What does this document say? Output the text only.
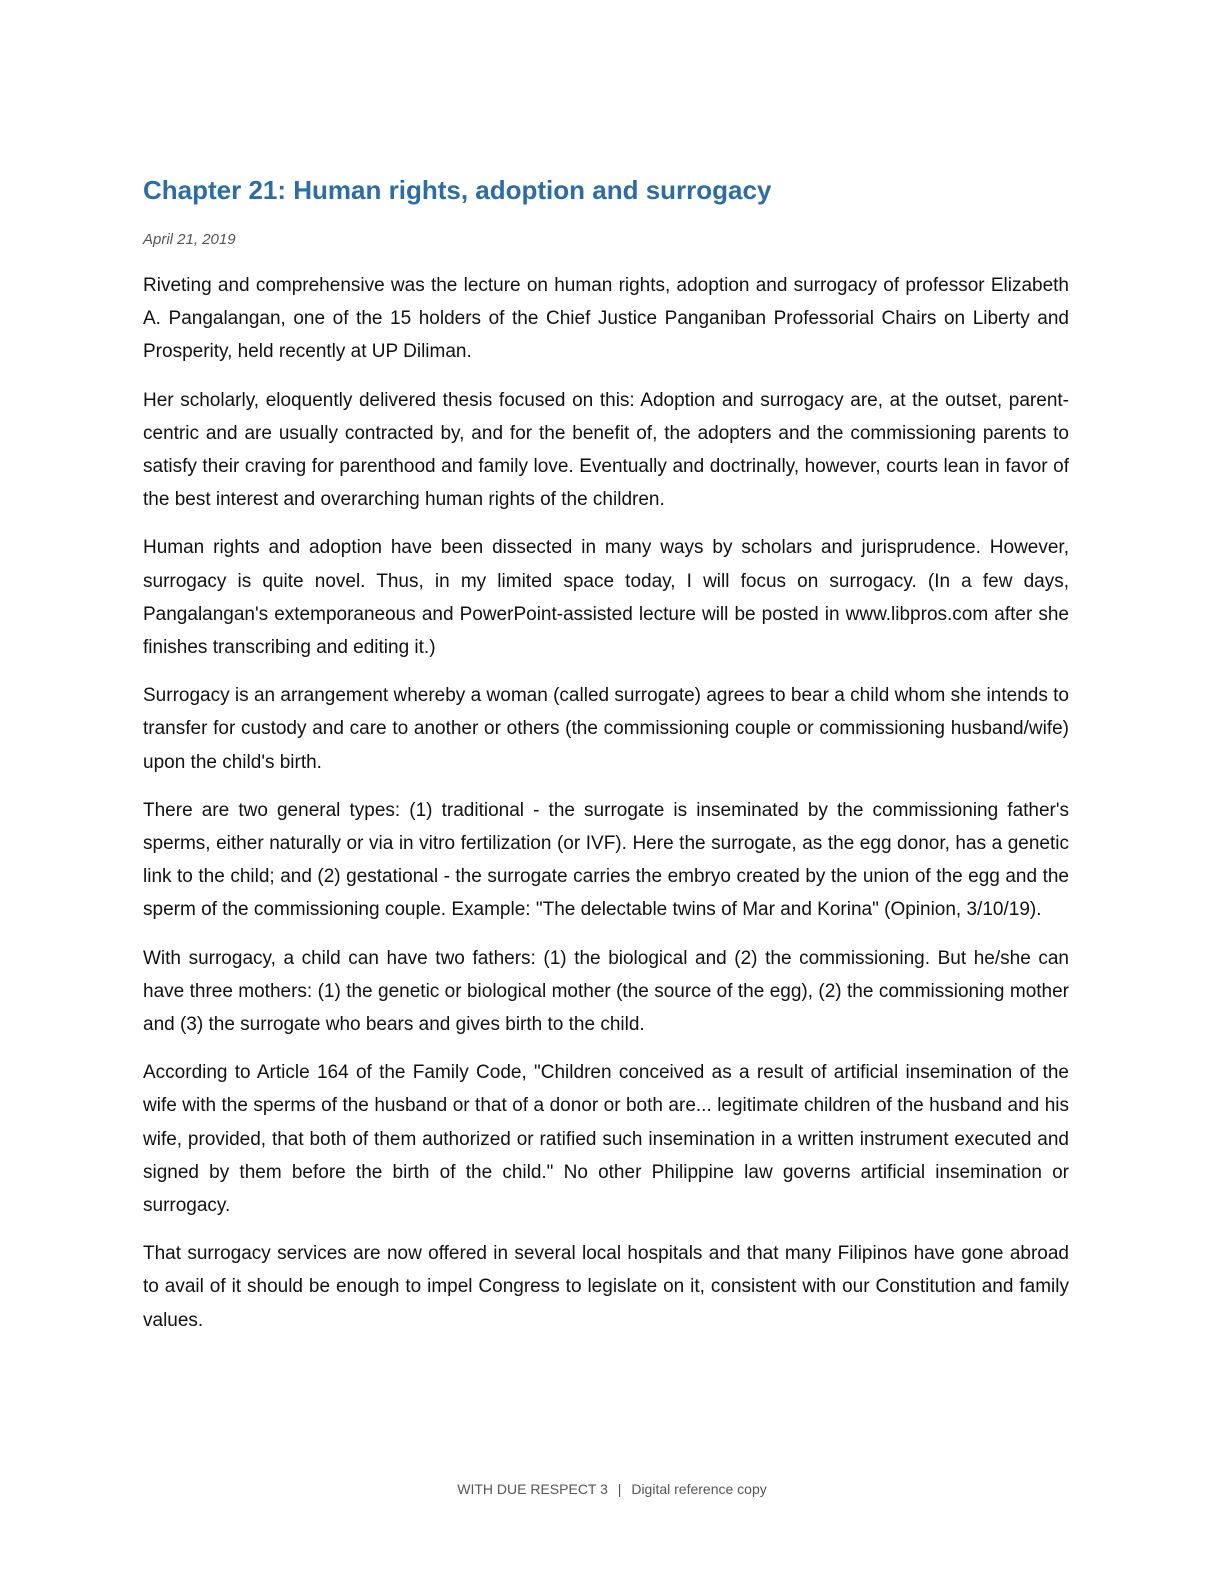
Chapter 21: Human rights, adoption and surrogacy
April 21, 2019

Riveting and comprehensive was the lecture on human rights, adoption and surrogacy of professor Elizabeth A. Pangalangan, one of the 15 holders of the Chief Justice Panganiban Professorial Chairs on Liberty and Prosperity, held recently at UP Diliman.

Her scholarly, eloquently delivered thesis focused on this: Adoption and surrogacy are, at the outset, parent-centric and are usually contracted by, and for the benefit of, the adopters and the commissioning parents to satisfy their craving for parenthood and family love. Eventually and doctrinally, however, courts lean in favor of the best interest and overarching human rights of the children.

Human rights and adoption have been dissected in many ways by scholars and jurisprudence. However, surrogacy is quite novel. Thus, in my limited space today, I will focus on surrogacy. (In a few days, Pangalangan's extemporaneous and PowerPoint-assisted lecture will be posted in www.libpros.com after she finishes transcribing and editing it.)

Surrogacy is an arrangement whereby a woman (called surrogate) agrees to bear a child whom she intends to transfer for custody and care to another or others (the commissioning couple or commissioning husband/wife) upon the child's birth.

There are two general types: (1) traditional - the surrogate is inseminated by the commissioning father's sperms, either naturally or via in vitro fertilization (or IVF). Here the surrogate, as the egg donor, has a genetic link to the child; and (2) gestational - the surrogate carries the embryo created by the union of the egg and the sperm of the commissioning couple. Example: "The delectable twins of Mar and Korina" (Opinion, 3/10/19).

With surrogacy, a child can have two fathers: (1) the biological and (2) the commissioning. But he/she can have three mothers: (1) the genetic or biological mother (the source of the egg), (2) the commissioning mother and (3) the surrogate who bears and gives birth to the child.

According to Article 164 of the Family Code, "Children conceived as a result of artificial insemination of the wife with the sperms of the husband or that of a donor or both are... legitimate children of the husband and his wife, provided, that both of them authorized or ratified such insemination in a written instrument executed and signed by them before the birth of the child." No other Philippine law governs artificial insemination or surrogacy.

That surrogacy services are now offered in several local hospitals and that many Filipinos have gone abroad to avail of it should be enough to impel Congress to legislate on it, consistent with our Constitution and family values.

WITH DUE RESPECT 3 | Digital reference copy
